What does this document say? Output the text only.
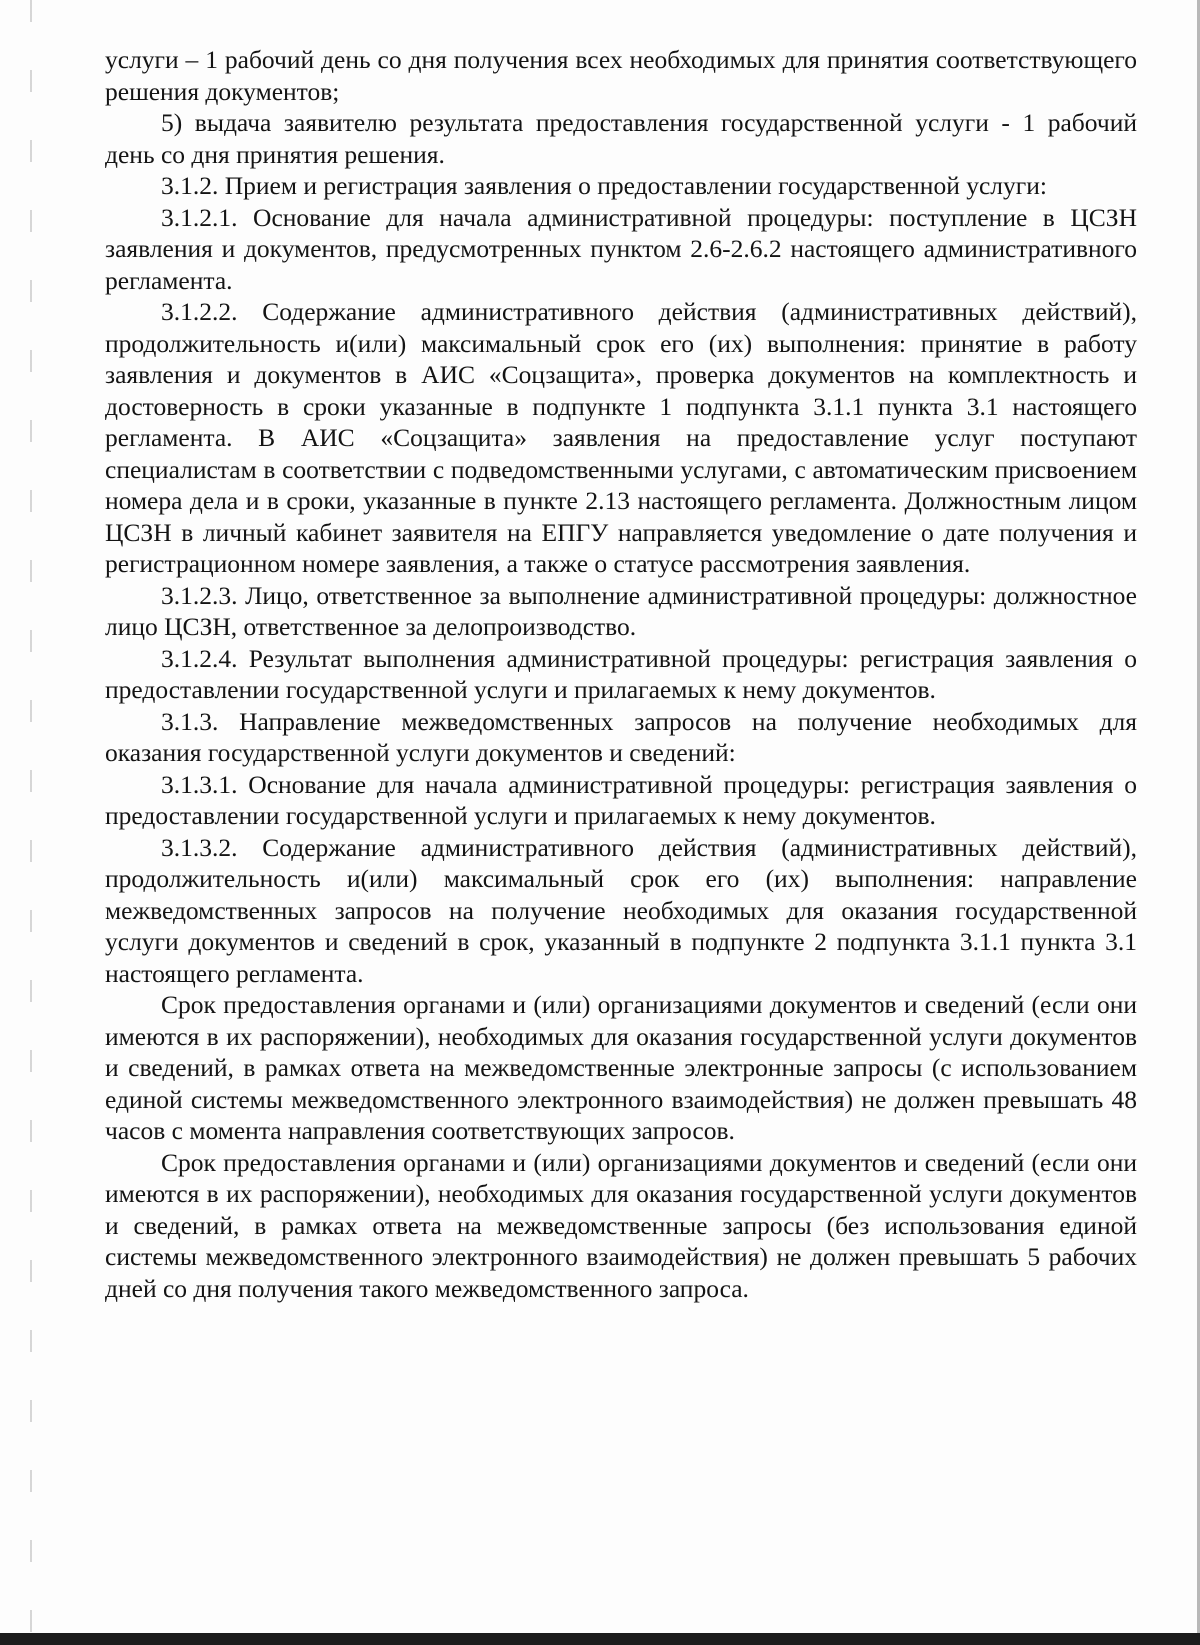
услуги – 1 рабочий день со дня получения всех необходимых для принятия соответствующего решения документов;

5) выдача заявителю результата предоставления государственной услуги - 1 рабочий день со дня принятия решения.

3.1.2. Прием и регистрация заявления о предоставлении государственной услуги:

3.1.2.1. Основание для начала административной процедуры: поступление в ЦСЗН заявления и документов, предусмотренных пунктом 2.6-2.6.2 настоящего административного регламента.

3.1.2.2. Содержание административного действия (административных действий), продолжительность и(или) максимальный срок его (их) выполнения: принятие в работу заявления и документов в АИС «Соцзащита», проверка документов на комплектность и достоверность в сроки указанные в подпункте 1 подпункта 3.1.1 пункта 3.1 настоящего регламента. В АИС «Соцзащита» заявления на предоставление услуг поступают специалистам в соответствии с подведомственными услугами, с автоматическим присвоением номера дела и в сроки, указанные в пункте 2.13 настоящего регламента. Должностным лицом ЦСЗН в личный кабинет заявителя на ЕПГУ направляется уведомление о дате получения и регистрационном номере заявления, а также о статусе рассмотрения заявления.

3.1.2.3. Лицо, ответственное за выполнение административной процедуры: должностное лицо ЦСЗН, ответственное за делопроизводство.

3.1.2.4. Результат выполнения административной процедуры: регистрация заявления о предоставлении государственной услуги и прилагаемых к нему документов.

3.1.3. Направление межведомственных запросов на получение необходимых для оказания государственной услуги документов и сведений:

3.1.3.1. Основание для начала административной процедуры: регистрация заявления о предоставлении государственной услуги и прилагаемых к нему документов.

3.1.3.2. Содержание административного действия (административных действий), продолжительность и(или) максимальный срок его (их) выполнения: направление межведомственных запросов на получение необходимых для оказания государственной услуги документов и сведений в срок, указанный в подпункте 2 подпункта 3.1.1 пункта 3.1 настоящего регламента.

Срок предоставления органами и (или) организациями документов и сведений (если они имеются в их распоряжении), необходимых для оказания государственной услуги документов и сведений, в рамках ответа на межведомственные электронные запросы (с использованием единой системы межведомственного электронного взаимодействия) не должен превышать 48 часов с момента направления соответствующих запросов.

Срок предоставления органами и (или) организациями документов и сведений (если они имеются в их распоряжении), необходимых для оказания государственной услуги документов и сведений, в рамках ответа на межведомственные запросы (без использования единой системы межведомственного электронного взаимодействия) не должен превышать 5 рабочих дней со дня получения такого межведомственного запроса.
